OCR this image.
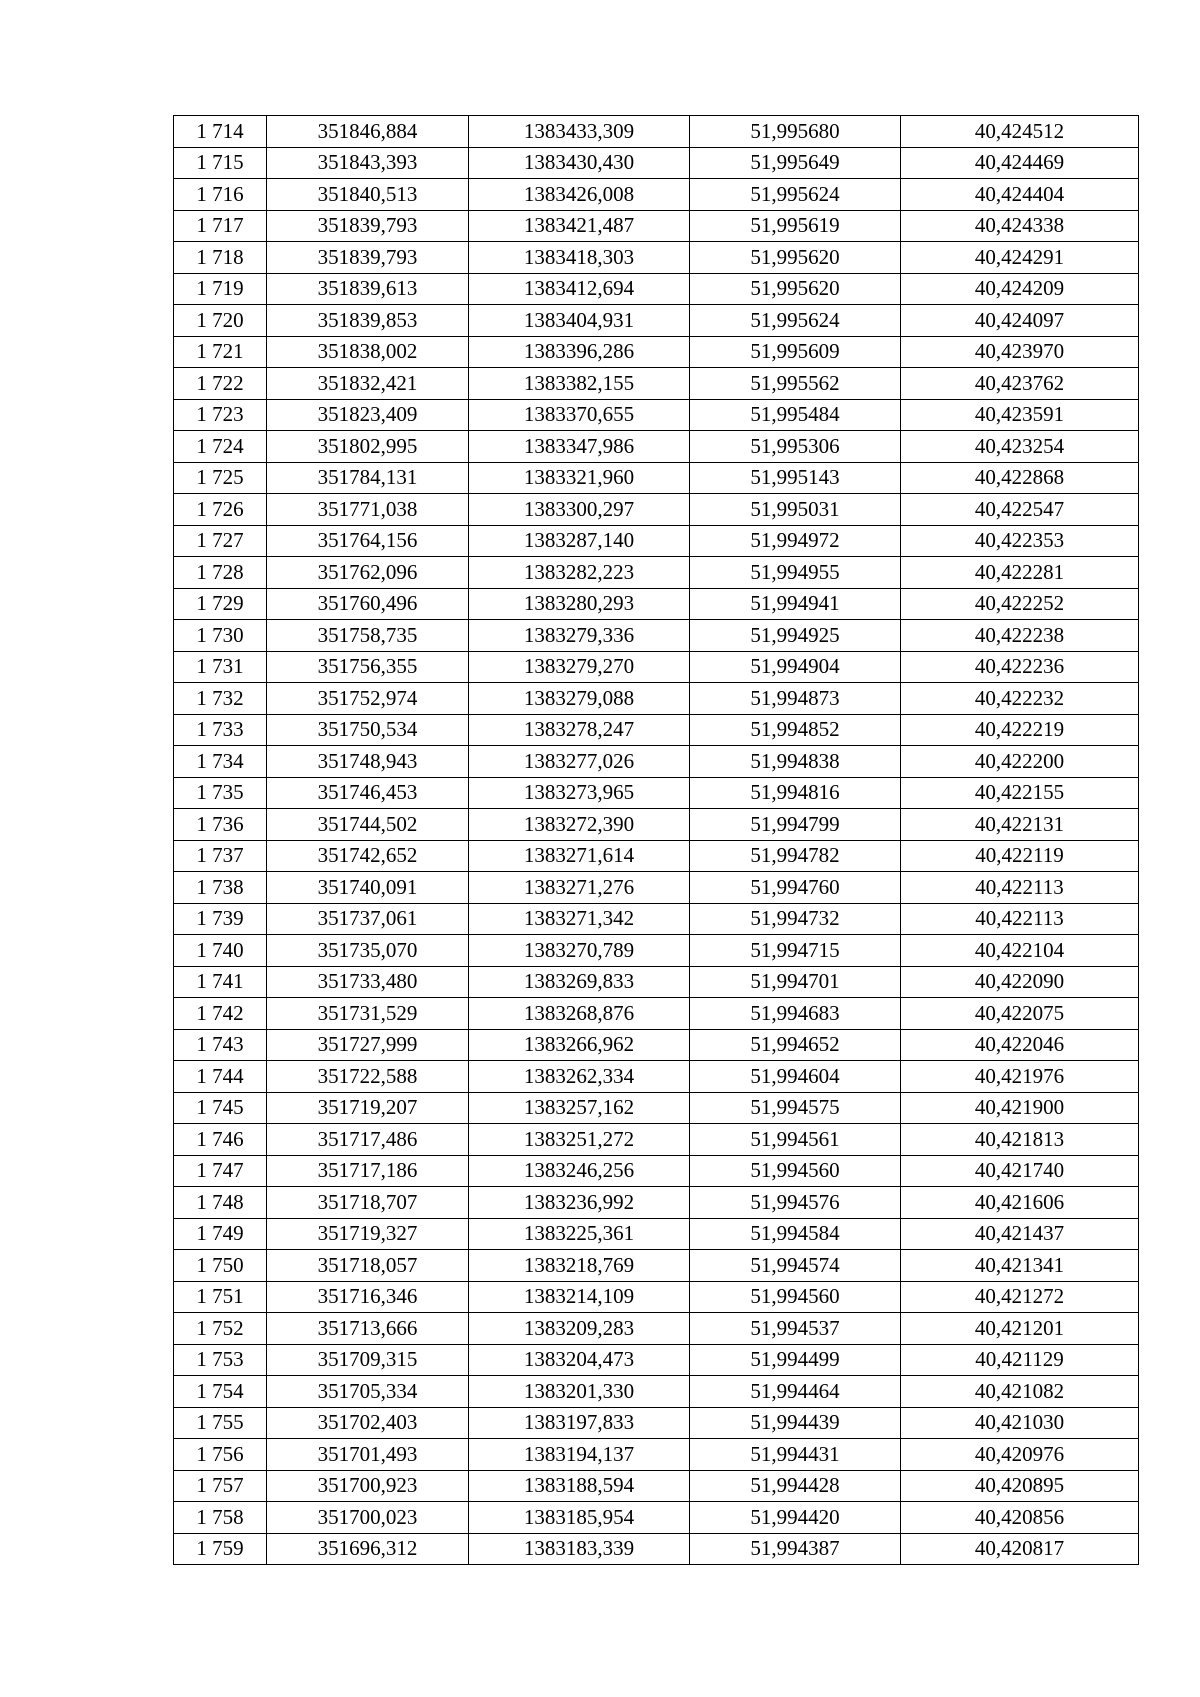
1 714	351846,884	1383433,309	51,995680	40,424512
1 715	351843,393	1383430,430	51,995649	40,424469
1 716	351840,513	1383426,008	51,995624	40,424404
1 717	351839,793	1383421,487	51,995619	40,424338
1 718	351839,793	1383418,303	51,995620	40,424291
1 719	351839,613	1383412,694	51,995620	40,424209
1 720	351839,853	1383404,931	51,995624	40,424097
1 721	351838,002	1383396,286	51,995609	40,423970
1 722	351832,421	1383382,155	51,995562	40,423762
1 723	351823,409	1383370,655	51,995484	40,423591
1 724	351802,995	1383347,986	51,995306	40,423254
1 725	351784,131	1383321,960	51,995143	40,422868
1 726	351771,038	1383300,297	51,995031	40,422547
1 727	351764,156	1383287,140	51,994972	40,422353
1 728	351762,096	1383282,223	51,994955	40,422281
1 729	351760,496	1383280,293	51,994941	40,422252
1 730	351758,735	1383279,336	51,994925	40,422238
1 731	351756,355	1383279,270	51,994904	40,422236
1 732	351752,974	1383279,088	51,994873	40,422232
1 733	351750,534	1383278,247	51,994852	40,422219
1 734	351748,943	1383277,026	51,994838	40,422200
1 735	351746,453	1383273,965	51,994816	40,422155
1 736	351744,502	1383272,390	51,994799	40,422131
1 737	351742,652	1383271,614	51,994782	40,422119
1 738	351740,091	1383271,276	51,994760	40,422113
1 739	351737,061	1383271,342	51,994732	40,422113
1 740	351735,070	1383270,789	51,994715	40,422104
1 741	351733,480	1383269,833	51,994701	40,422090
1 742	351731,529	1383268,876	51,994683	40,422075
1 743	351727,999	1383266,962	51,994652	40,422046
1 744	351722,588	1383262,334	51,994604	40,421976
1 745	351719,207	1383257,162	51,994575	40,421900
1 746	351717,486	1383251,272	51,994561	40,421813
1 747	351717,186	1383246,256	51,994560	40,421740
1 748	351718,707	1383236,992	51,994576	40,421606
1 749	351719,327	1383225,361	51,994584	40,421437
1 750	351718,057	1383218,769	51,994574	40,421341
1 751	351716,346	1383214,109	51,994560	40,421272
1 752	351713,666	1383209,283	51,994537	40,421201
1 753	351709,315	1383204,473	51,994499	40,421129
1 754	351705,334	1383201,330	51,994464	40,421082
1 755	351702,403	1383197,833	51,994439	40,421030
1 756	351701,493	1383194,137	51,994431	40,420976
1 757	351700,923	1383188,594	51,994428	40,420895
1 758	351700,023	1383185,954	51,994420	40,420856
1 759	351696,312	1383183,339	51,994387	40,420817
